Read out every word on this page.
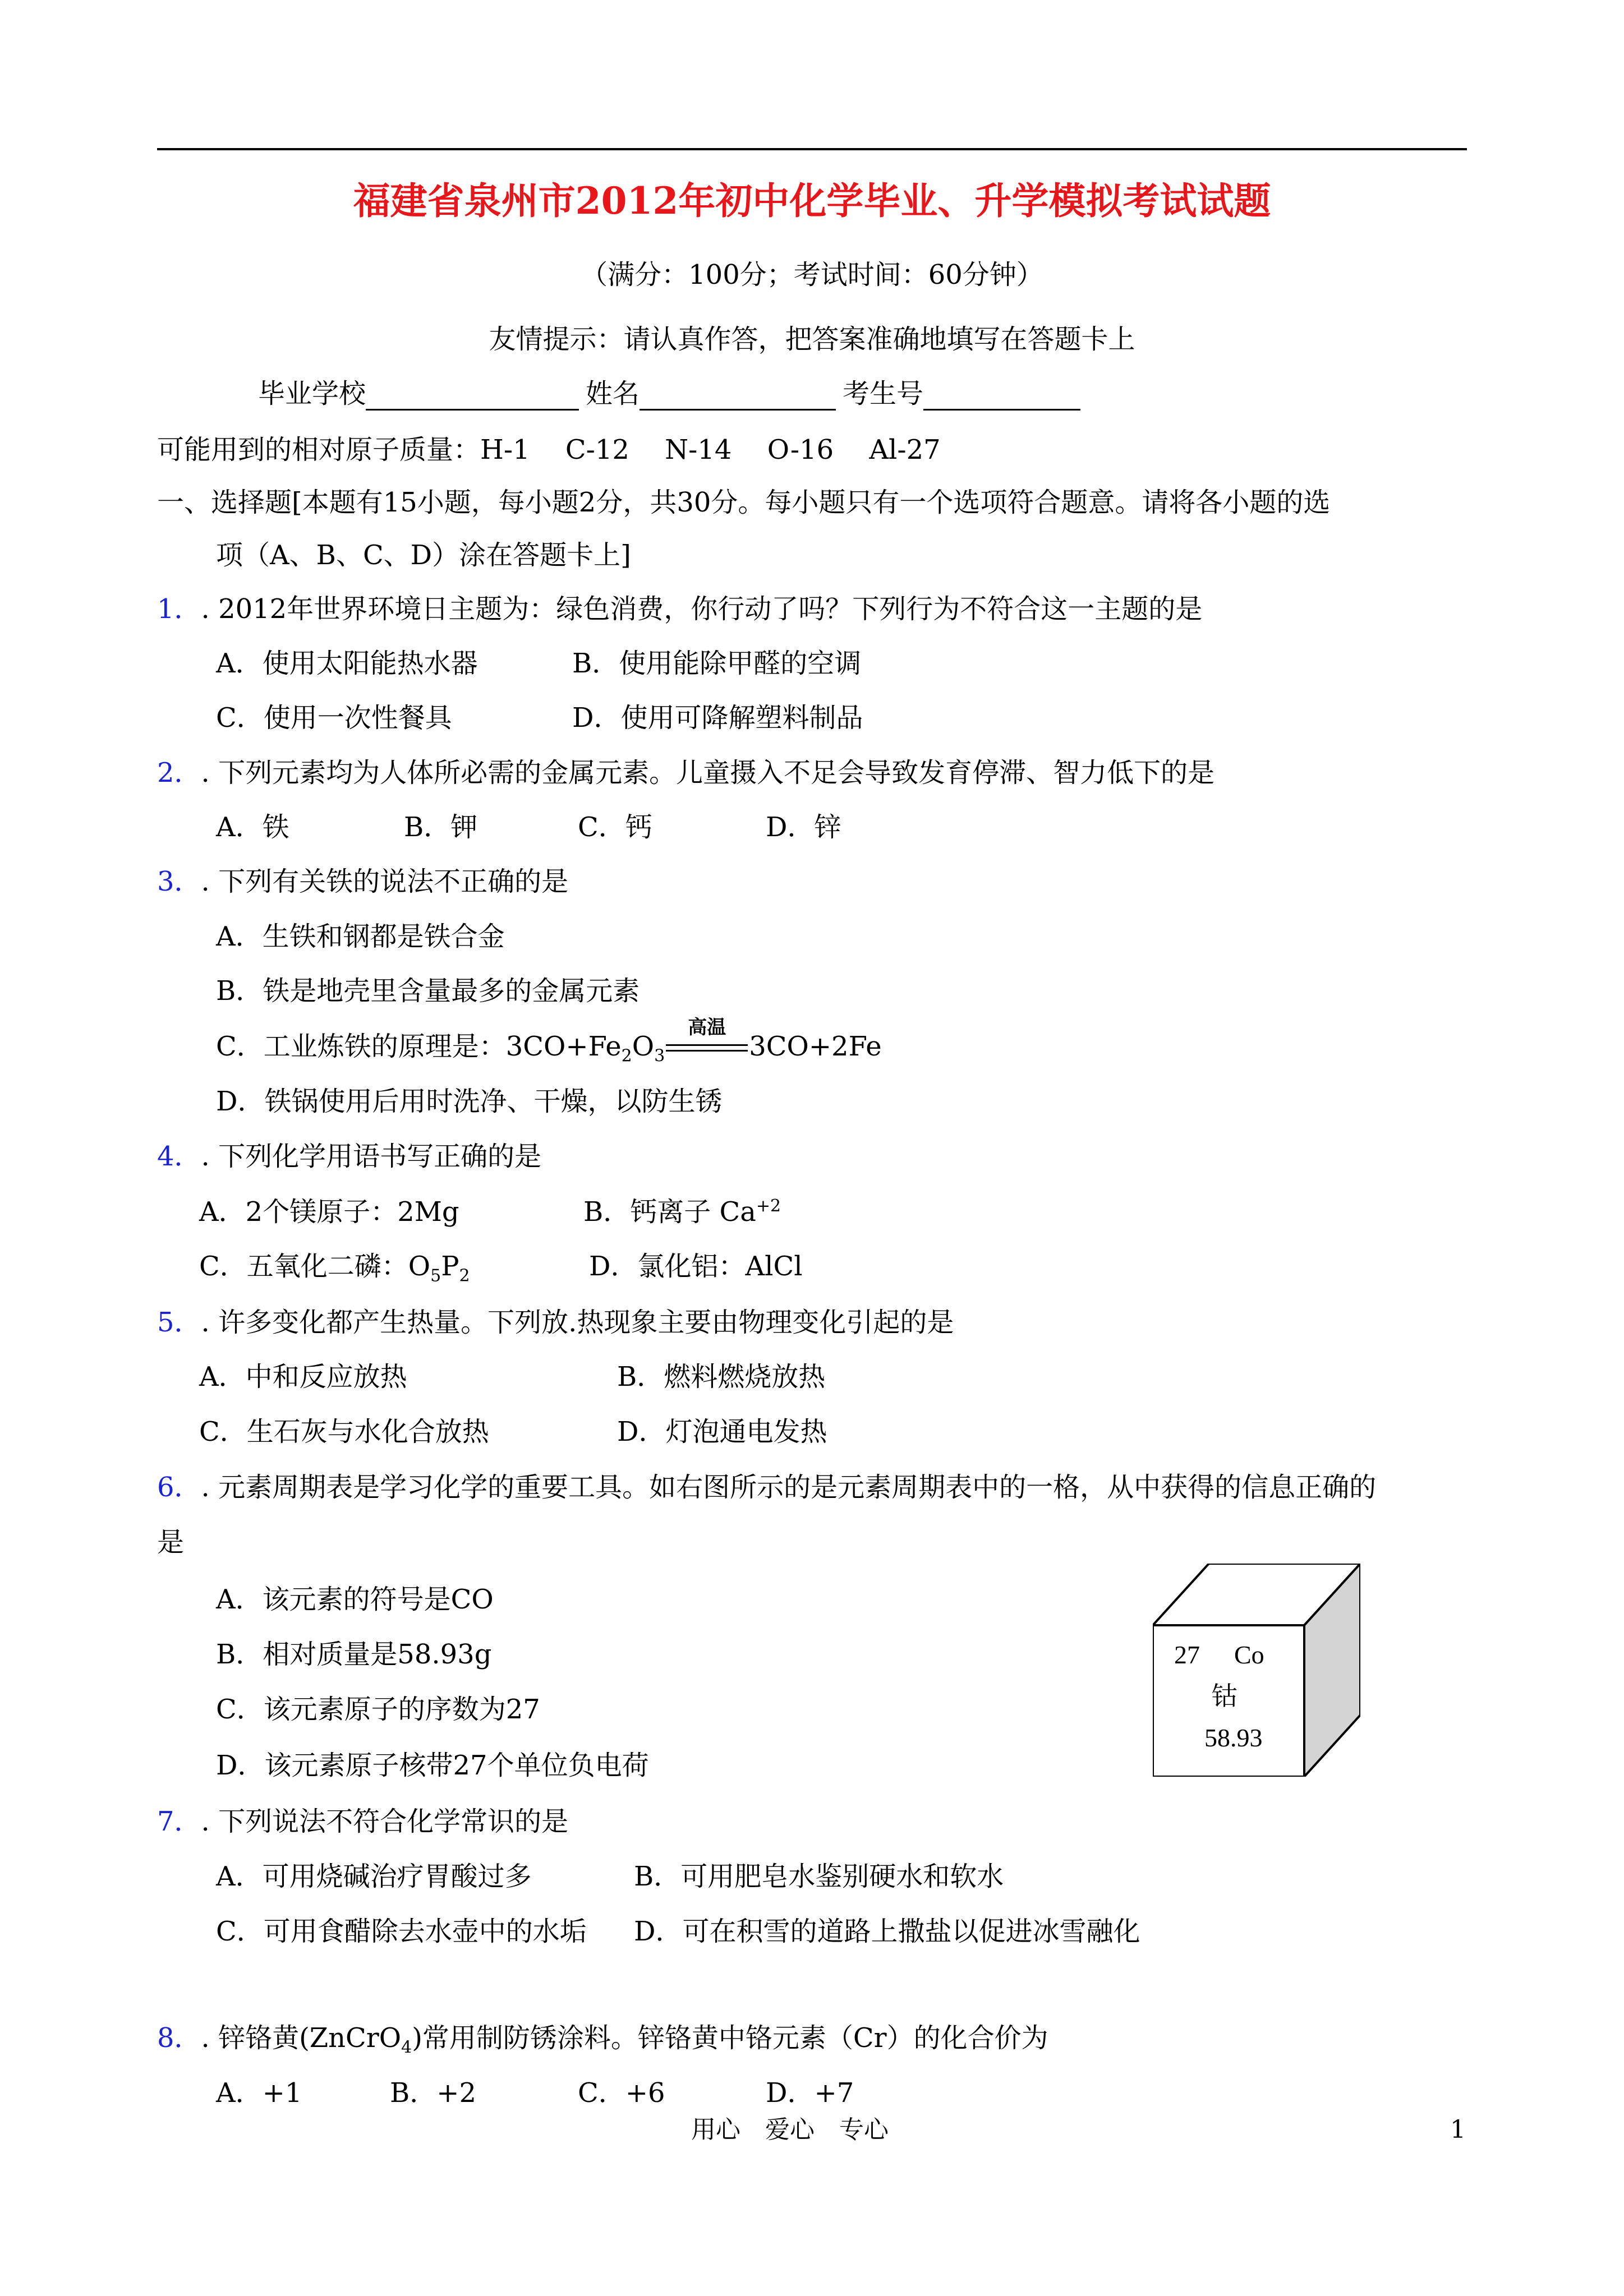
福建省泉州市2012年初中化学毕业、升学模拟考试试题
（满分：100分；考试时间：60分钟）
友情提示：请认真作答，把答案准确地填写在答题卡上
毕业学校	姓名	考生号
可能用到的相对原子质量：H-1　 C-12　 N-14　 O-16　 Al-27
一、选择题[本题有15小题，每小题2分，共30分。每小题只有一个选项符合题意。请将各小题的选
项（A、B、C、D）涂在答题卡上]
1．. 2012年世界环境日主题为：绿色消费，你行动了吗？下列行为不符合这一主题的是
A．使用太阳能热水器	B．使用能除甲醛的空调
C．使用一次性餐具	D．使用可降解塑料制品
2．. 下列元素均为人体所必需的金属元素。儿童摄入不足会导致发育停滞、智力低下的是
A．铁	B．钾	C．钙	D．锌
3．. 下列有关铁的说法不正确的是
A．生铁和钢都是铁合金
B．铁是地壳里含量最多的金属元素
C．工业炼铁的原理是：$3CO+Fe_2O_3$
高温
3CO+2Fe
D．铁锅使用后用时洗净、干燥，以防生锈
4．. 下列化学用语书写正确的是
A．2个镁原子：2Mg	B．钙离子 $Ca^{+2}$
C．五氧化二磷：$O_5P_2$	D．氯化铝：AlCl
5．. 许多变化都产生热量。下列放.热现象主要由物理变化引起的是
A．中和反应放热	B．燃料燃烧放热
C．生石灰与水化合放热	D．灯泡通电发热
6．. 元素周期表是学习化学的重要工具。如右图所示的是元素周期表中的一格，从中获得的信息正确的
是
A．该元素的符号是CO
B．相对质量是58.93g
C．该元素原子的序数为27
D．该元素原子核带27个单位负电荷
27 Co
钴
58.93
7．. 下列说法不符合化学常识的是
A．可用烧碱治疗胃酸过多	B．可用肥皂水鉴别硬水和软水
C．可用食醋除去水壶中的水垢 D．可在积雪的道路上撒盐以促进冰雪融化
8．. 锌铬黄(ZnCrO$_4$)常用制防锈涂料。锌铬黄中铬元素（Cr）的化合价为
A．+1	B．+2	C．+6	D．+7
用心　爱心　专心	1
